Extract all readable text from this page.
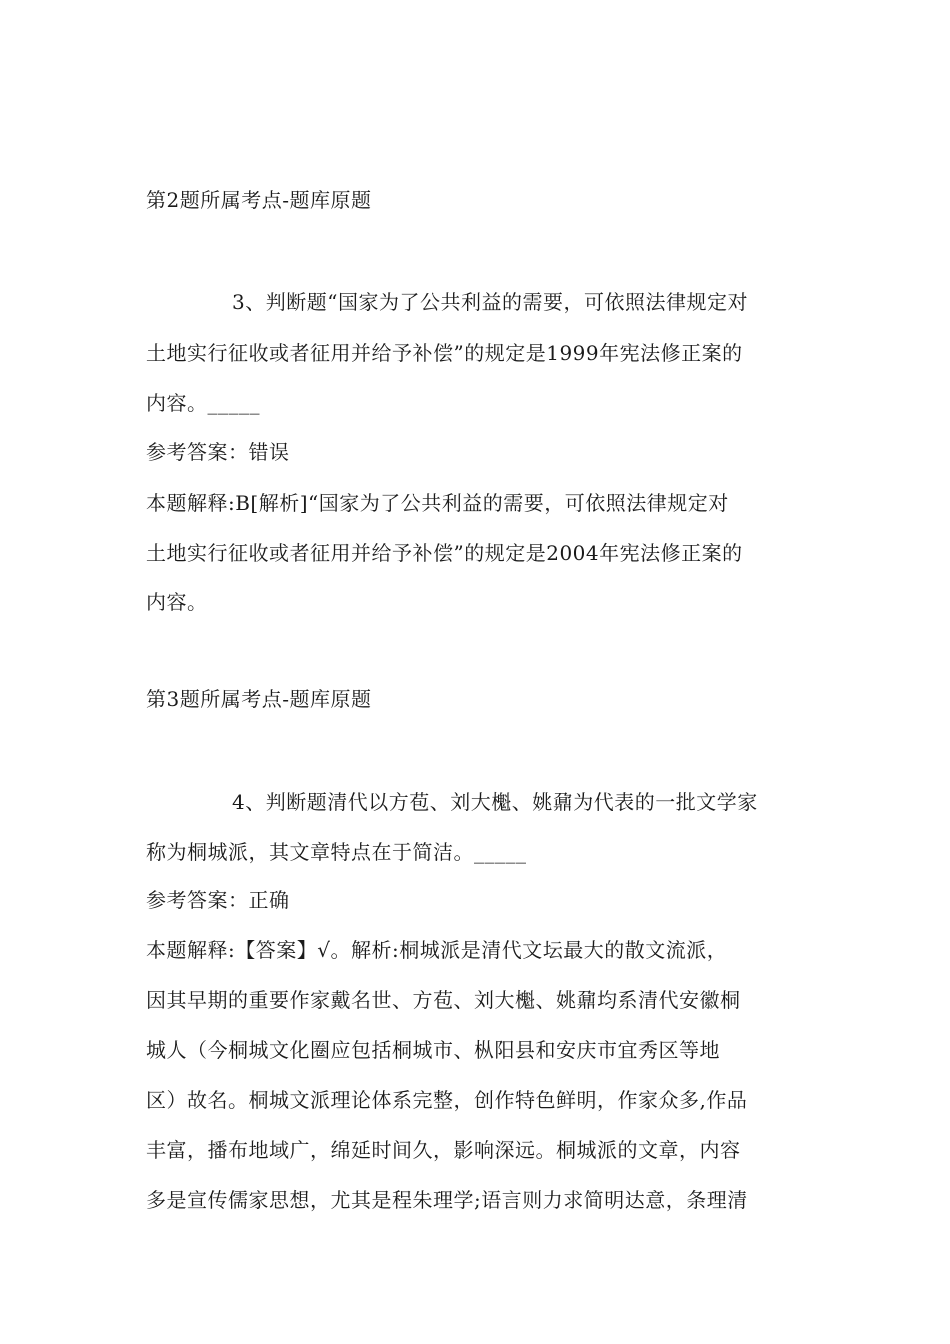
第2题所属考点-题库原题
3、判断题“国家为了公共利益的需要，可依照法律规定对
土地实行征收或者征用并给予补偿”的规定是1999年宪法修正案的
内容。_____
参考答案：错误
本题解释:B[解析]“国家为了公共利益的需要，可依照法律规定对
土地实行征收或者征用并给予补偿”的规定是2004年宪法修正案的
内容。
第3题所属考点-题库原题
4、判断题清代以方苞、刘大櫆、姚鼐为代表的一批文学家
称为桐城派，其文章特点在于简洁。_____
参考答案：正确
本题解释:【答案】√。解析:桐城派是清代文坛最大的散文流派，
因其早期的重要作家戴名世、方苞、刘大櫆、姚鼐均系清代安徽桐
城人（今桐城文化圈应包括桐城市、枞阳县和安庆市宜秀区等地
区）故名。桐城文派理论体系完整，创作特色鲜明，作家众多,作品
丰富，播布地域广，绵延时间久，影响深远。桐城派的文章，内容
多是宣传儒家思想，尤其是程朱理学;语言则力求简明达意，条理清
